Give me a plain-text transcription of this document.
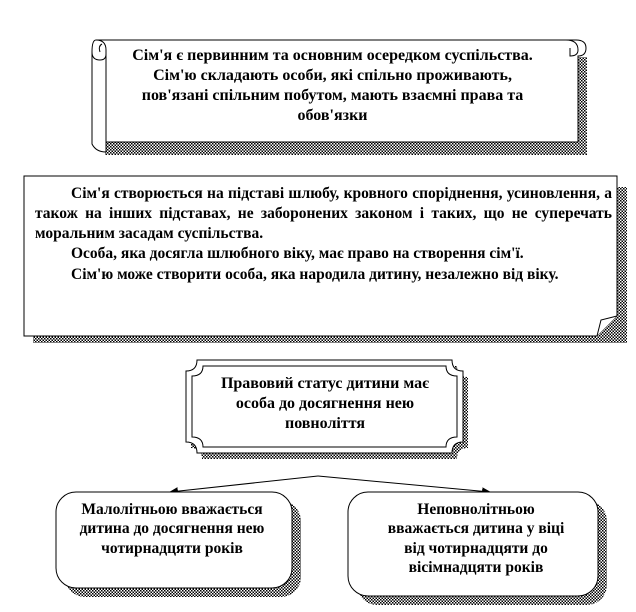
Сім'я є первинним та основним осередком суспільства.
Сім'ю складають особи, які спільно проживають,
пов'язані спільним побутом, мають взаємні права та
обов'язки

Сім'я створюється на підставі шлюбу, кровного споріднення, усиновлення, а також на інших підставах, не заборонених законом і таких, що не суперечать моральним засадам суспільства.

Особа, яка досягла шлюбного віку, має право на створення сім'ї.

Сім'ю може створити особа, яка народила дитину, незалежно від віку.

Правовий статус дитини має
особа до досягнення нею
повноліття
Малолітньою вважається
дитина до досягнення нею
чотирнадцяти років
Неповнолітньою
вважається дитина у віці
від чотирнадцяти до
вісімнадцяти років
